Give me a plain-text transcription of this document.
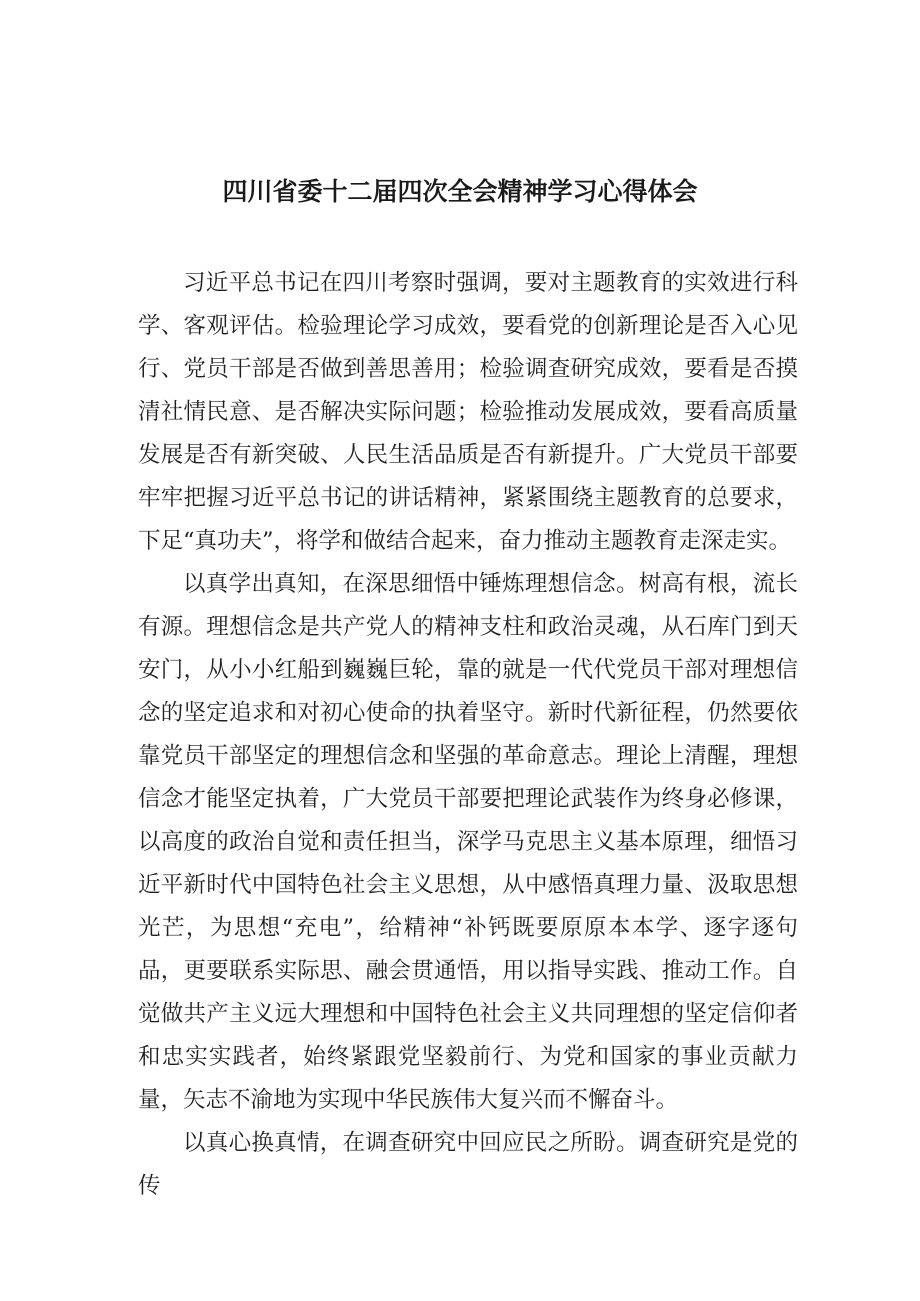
四川省委十二届四次全会精神学习心得体会

习近平总书记在四川考察时强调，要对主题教育的实效进行科学、客观评估。检验理论学习成效，要看党的创新理论是否入心见行、党员干部是否做到善思善用；检验调查研究成效，要看是否摸清社情民意、是否解决实际问题；检验推动发展成效，要看高质量发展是否有新突破、人民生活品质是否有新提升。广大党员干部要牢牢把握习近平总书记的讲话精神，紧紧围绕主题教育的总要求，下足“真功夫”，将学和做结合起来，奋力推动主题教育走深走实。

以真学出真知，在深思细悟中锤炼理想信念。树高有根，流长有源。理想信念是共产党人的精神支柱和政治灵魂，从石库门到天安门，从小小红船到巍巍巨轮，靠的就是一代代党员干部对理想信念的坚定追求和对初心使命的执着坚守。新时代新征程，仍然要依靠党员干部坚定的理想信念和坚强的革命意志。理论上清醒，理想信念才能坚定执着，广大党员干部要把理论武装作为终身必修课，以高度的政治自觉和责任担当，深学马克思主义基本原理，细悟习近平新时代中国特色社会主义思想，从中感悟真理力量、汲取思想光芒，为思想“充电”，给精神“补钙既要原原本本学、逐字逐句品，更要联系实际思、融会贯通悟，用以指导实践、推动工作。自觉做共产主义远大理想和中国特色社会主义共同理想的坚定信仰者和忠实实践者，始终紧跟党坚毅前行、为党和国家的事业贡献力量，矢志不渝地为实现中华民族伟大复兴而不懈奋斗。

以真心换真情，在调查研究中回应民之所盼。调查研究是党的传
